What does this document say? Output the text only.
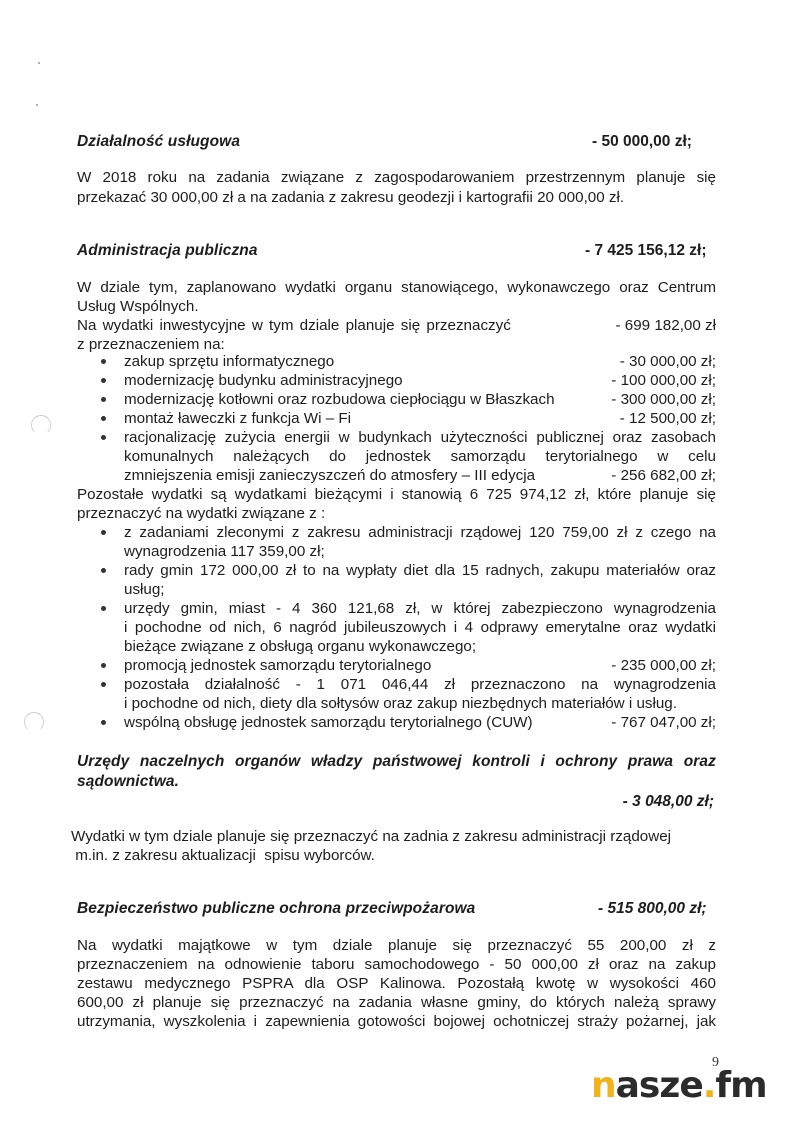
Działalność usługowa	- 50 000,00 zł;
W 2018 roku na zadania związane z zagospodarowaniem przestrzennym planuje się
przekazać 30 000,00 zł a na zadania z zakresu geodezji i kartografii 20 000,00 zł.
Administracja publiczna	- 7 425 156,12 zł;
W dziale tym, zaplanowano wydatki organu stanowiącego, wykonawczego oraz Centrum
Usług Wspólnych.
Na wydatki inwestycyjne w tym dziale planuje się przeznaczyć	- 699 182,00 zł
z przeznaczeniem na:
zakup sprzętu informatycznego	- 30 000,00 zł;
modernizację budynku administracyjnego	- 100 000,00 zł;
modernizację kotłowni oraz rozbudowa ciepłociągu w Błaszkach	- 300 000,00 zł;
montaż ławeczki z funkcja Wi – Fi	- 12 500,00 zł;
racjonalizację zużycia energii w budynkach użyteczności publicznej oraz zasobach
komunalnych należących do jednostek samorządu terytorialnego w celu
zmniejszenia emisji zanieczyszczeń do atmosfery – III edycja	- 256 682,00 zł;
Pozostałe wydatki są wydatkami bieżącymi i stanowią 6 725 974,12 zł, które planuje się
przeznaczyć na wydatki związane z :
z zadaniami zleconymi z zakresu administracji rządowej 120 759,00 zł z czego na
wynagrodzenia 117 359,00 zł;
rady gmin 172 000,00 zł to na wypłaty diet dla 15 radnych, zakupu materiałów oraz
usług;
urzędy gmin, miast - 4 360 121,68 zł, w której zabezpieczono wynagrodzenia
i pochodne od nich, 6 nagród jubileuszowych i 4 odprawy emerytalne oraz wydatki
bieżące związane z obsługą organu wykonawczego;
promocją jednostek samorządu terytorialnego	- 235 000,00 zł;
pozostała działalność - 1 071 046,44 zł przeznaczono na wynagrodzenia
i pochodne od nich, diety dla sołtysów oraz zakup niezbędnych materiałów i usług.
wspólną obsługę jednostek samorządu terytorialnego (CUW)	- 767 047,00 zł;
Urzędy naczelnych organów władzy państwowej kontroli i ochrony prawa oraz
sądownictwa.
- 3 048,00 zł;
Wydatki w tym dziale planuje się przeznaczyć na zadnia z zakresu administracji rządowej
m.in. z zakresu aktualizacji  spisu wyborców.
Bezpieczeństwo publiczne ochrona przeciwpożarowa	- 515 800,00 zł;
Na wydatki majątkowe w tym dziale planuje się przeznaczyć 55 200,00 zł z
przeznaczeniem na odnowienie taboru samochodowego - 50 000,00 zł oraz na zakup
zestawu medycznego PSPRA dla OSP Kalinowa. Pozostałą kwotę w wysokości 460
600,00 zł planuje się przeznaczyć na zadania własne gminy, do których należą sprawy
utrzymania, wyszkolenia i zapewnienia gotowości bojowej ochotniczej straży pożarnej, jak
9
nasze.fm
